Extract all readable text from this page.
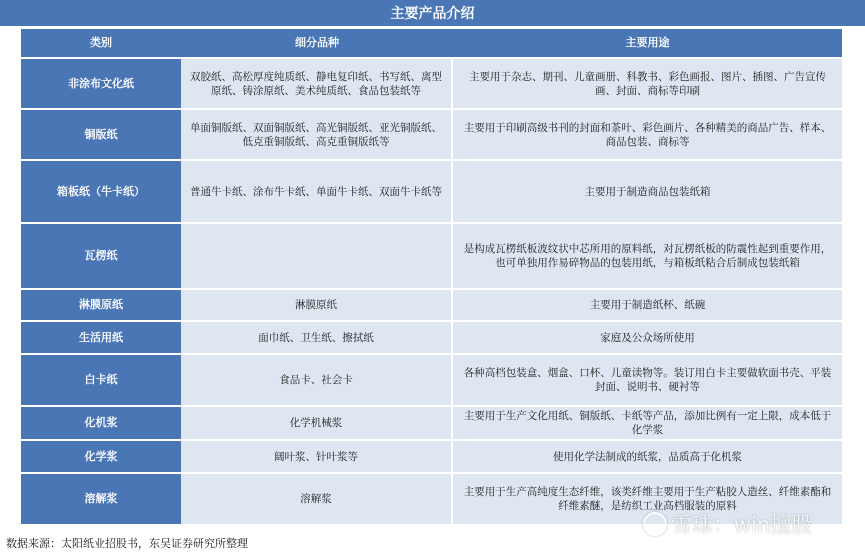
主要产品介绍
类别	细分品种	主要用途
非涂布文化纸	双胶纸、高松厚度纯质纸、静电复印纸、书写纸、离型原纸、铸涂原纸、美术纯质纸、食品包装纸等	主要用于杂志、期刊、儿童画册、科教书、彩色画报、图片、插图、广告宣传画、封面、商标等印刷
铜版纸	单面铜版纸、双面铜版纸、高光铜版纸、亚光铜版纸、低克重铜版纸、高克重铜版纸等	主要用于印刷高级书刊的封面和茶叶、彩色画片、各种精美的商品广告、样本、商品包装、商标等
箱板纸（牛卡纸）	普通牛卡纸、涂布牛卡纸、单面牛卡纸、双面牛卡纸等	主要用于制造商品包装纸箱
瓦楞纸		是构成瓦楞纸板波纹状中芯所用的原料纸，对瓦楞纸板的防震性起到重要作用，也可单独用作易碎物品的包装用纸，与箱板纸粘合后制成包装纸箱
淋膜原纸	淋膜原纸	主要用于制造纸杯、纸碗
生活用纸	面巾纸、卫生纸、擦拭纸	家庭及公众场所使用
白卡纸	食品卡、社会卡	各种高档包装盒、烟盒、口杯、儿童读物等。装订用白卡主要做软面书壳、平装封面、说明书、硬衬等
化机浆	化学机械浆	主要用于生产文化用纸、铜版纸、卡纸等产品，添加比例有一定上限，成本低于化学浆
化学浆	阔叶浆、针叶浆等	使用化学法制成的纸浆，品质高于化机浆
溶解浆	溶解浆	主要用于生产高纯度生态纤维，该类纤维主要用于生产粘胶人造丝、纤维素酯和纤维素醚，是纺织工业高档服装的原料
雪球：win擅股
数据来源：太阳纸业招股书，东吴证券研究所整理
